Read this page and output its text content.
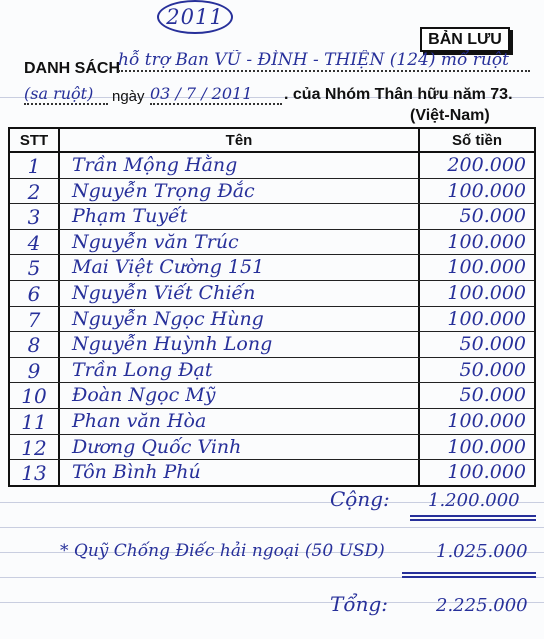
2011
BẢN LƯU
DANH SÁCH
hỗ trợ Ban VŨ - ĐÌNH - THIỆN (124) mổ ruột
(sa ruột)	ngày 03 / 7 / 2011	. của Nhóm Thân hữu năm 73.
(Việt-Nam)
STT	Tên	Số tiền
1	Trần Mộng Hằng	200.000
2	Nguyễn Trọng Đắc	100.000
3	Phạm Tuyết	50.000
4	Nguyễn văn Trúc	100.000
5	Mai Việt Cường 151	100.000
6	Nguyễn Viết Chiến	100.000
7	Nguyễn Ngọc Hùng	100.000
8	Nguyễn Huỳnh Long	50.000
9	Trần Long Đạt	50.000
10	Đoàn Ngọc Mỹ	50.000
11	Phan văn Hòa	100.000
12	Dương Quốc Vinh	100.000
13	Tôn Bình Phú	100.000
Cộng: 1.200.000
* Quỹ Chống Điếc hải ngoại (50 USD)	1.025.000
Tổng:	2.225.000
